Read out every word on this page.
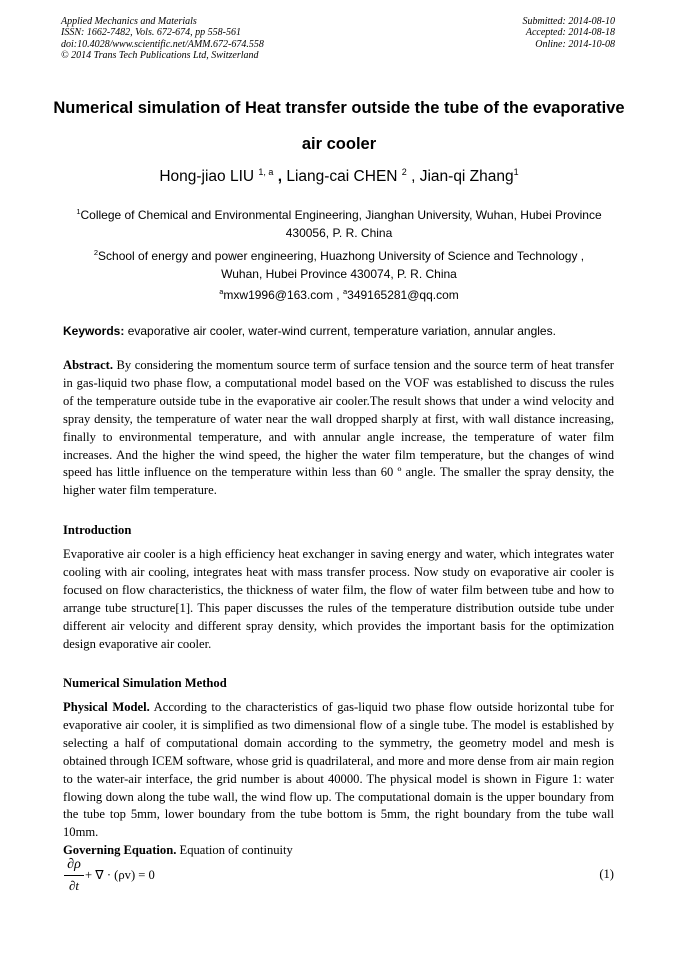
Applied Mechanics and Materials
ISSN: 1662-7482, Vols. 672-674, pp 558-561
doi:10.4028/www.scientific.net/AMM.672-674.558
© 2014 Trans Tech Publications Ltd, Switzerland
Submitted: 2014-08-10
Accepted: 2014-08-18
Online: 2014-10-08
Numerical simulation of Heat transfer outside the tube of the evaporative
air cooler
Hong-jiao LIU $^{1, a}$ , Liang-cai CHEN $^2$ , Jian-qi Zhang$^1$
$^1$College of Chemical and Environmental Engineering, Jianghan University, Wuhan, Hubei Province
430056, P. R. China
$^2$School of energy and power engineering, Huazhong University of Science and Technology ,
Wuhan, Hubei Province 430074, P. R. China
$^a$mxw1996@163.com , $^a$349165281@qq.com
Keywords: evaporative air cooler, water-wind current, temperature variation, annular angles.
Abstract. By considering the momentum source term of surface tension and the source term of heat transfer in gas-liquid two phase flow, a computational model based on the VOF was established to discuss the rules of the temperature outside tube in the evaporative air cooler.The result shows that under a wind velocity and spray density, the temperature of water near the wall dropped sharply at first, with wall distance increasing, finally to environmental temperature, and with annular angle increase, the temperature of water film increases. And the higher the wind speed, the higher the water film temperature, but the changes of wind speed has little influence on the temperature within less than 60 º angle. The smaller the spray density, the higher water film temperature.
Introduction
Evaporative air cooler is a high efficiency heat exchanger in saving energy and water, which integrates water cooling with air cooling, integrates heat with mass transfer process. Now study on evaporative air cooler is focused on flow characteristics, the thickness of water film, the flow of water film between tube and how to arrange tube structure[1]. This paper discusses the rules of the temperature distribution outside tube under different air velocity and different spray density, which provides the important basis for the optimization design evaporative air cooler.
Numerical Simulation Method
Physical Model. According to the characteristics of gas-liquid two phase flow outside horizontal tube for evaporative air cooler, it is simplified as two dimensional flow of a single tube. The model is established by selecting a half of computational domain according to the symmetry, the geometry model and mesh is obtained through ICEM software, whose grid is quadrilateral, and more and more dense from air main region to the water-air interface, the grid number is about 40000. The physical model is shown in Figure 1: water flowing down along the tube wall, the wind flow up. The computational domain is the upper boundary from the tube top 5mm, lower boundary from the tube bottom is 5mm, the right boundary from the tube wall 10mm.
Governing Equation. Equation of continuity
∂ρ
∂t
+ ∇ · (ρv) = 0	(1)
